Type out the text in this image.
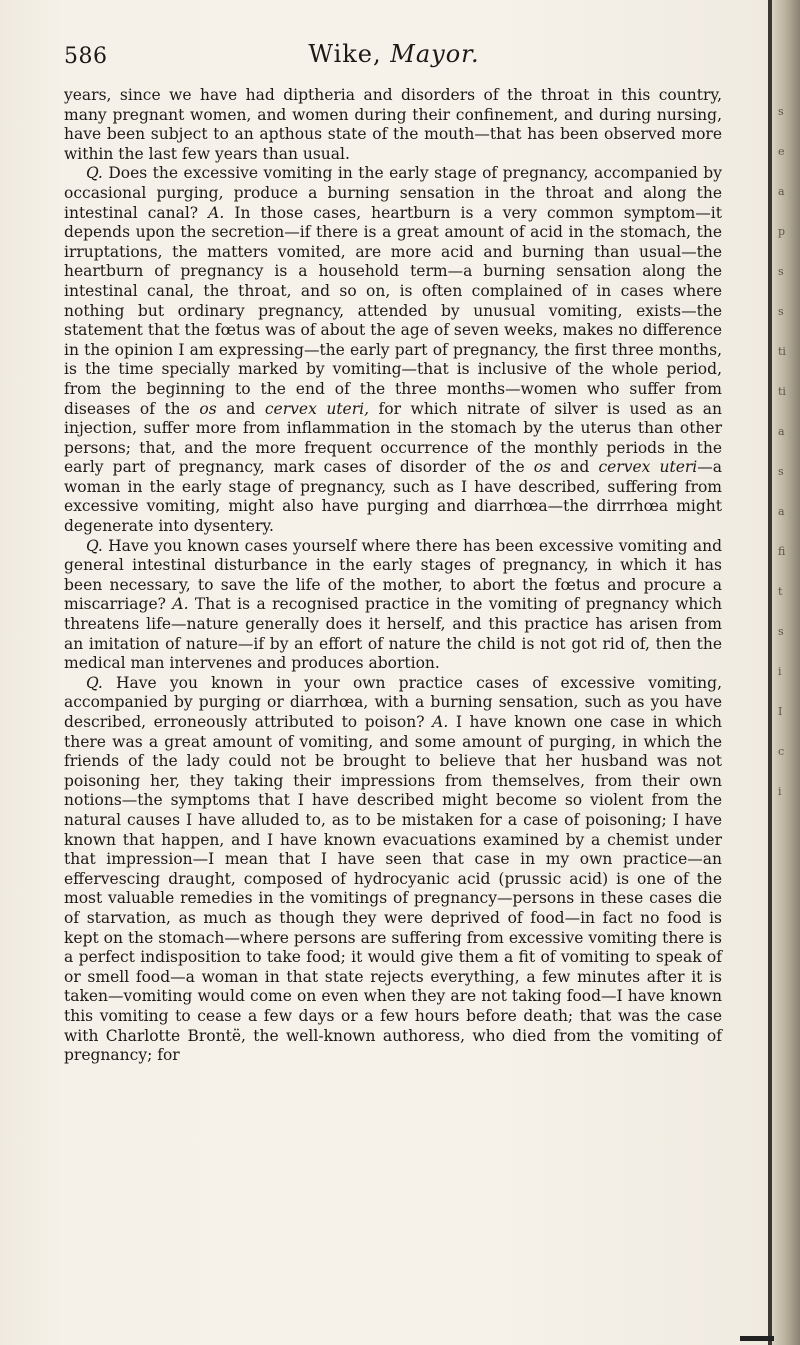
586	Wike, Mayor.

years, since we have had diptheria and disorders of the throat in this country, many pregnant women, and women during their confinement, and during nursing, have been subject to an apthous state of the mouth—that has been observed more within the last few years than usual.

Q. Does the excessive vomiting in the early stage of pregnancy, accompanied by occasional purging, produce a burning sensation in the throat and along the intestinal canal? A. In those cases, heartburn is a very common symptom—it depends upon the secretion—if there is a great amount of acid in the stomach, the irruptations, the matters vomited, are more acid and burning than usual—the heartburn of pregnancy is a household term—a burning sensation along the intestinal canal, the throat, and so on, is often complained of in cases where nothing but ordinary pregnancy, attended by unusual vomiting, exists—the statement that the fœtus was of about the age of seven weeks, makes no difference in the opinion I am expressing—the early part of pregnancy, the first three months, is the time specially marked by vomiting—that is inclusive of the whole period, from the beginning to the end of the three months—women who suffer from diseases of the os and cervex uteri, for which nitrate of silver is used as an injection, suffer more from inflammation in the stomach by the uterus than other persons; that, and the more frequent occurrence of the monthly periods in the early part of pregnancy, mark cases of disorder of the os and cervex uteri—a woman in the early stage of pregnancy, such as I have described, suffering from excessive vomiting, might also have purging and diarrhœa—the dirrrhœa might degenerate into dysentery.

Q. Have you known cases yourself where there has been excessive vomiting and general intestinal disturbance in the early stages of pregnancy, in which it has been necessary, to save the life of the mother, to abort the fœtus and procure a miscarriage? A. That is a recognised practice in the vomiting of pregnancy which threatens life—nature generally does it herself, and this practice has arisen from an imitation of nature—if by an effort of nature the child is not got rid of, then the medical man intervenes and produces abortion.

Q. Have you known in your own practice cases of excessive vomiting, accompanied by purging or diarrhœa, with a burning sensation, such as you have described, erroneously attributed to poison? A. I have known one case in which there was a great amount of vomiting, and some amount of purging, in which the friends of the lady could not be brought to believe that her husband was not poisoning her, they taking their impressions from themselves, from their own notions—the symptoms that I have described might become so violent from the natural causes I have alluded to, as to be mistaken for a case of poisoning; I have known that happen, and I have known evacuations examined by a chemist under that impression—I mean that I have seen that case in my own practice—an effervescing draught, composed of hydrocyanic acid (prussic acid) is one of the most valuable remedies in the vomitings of pregnancy—persons in these cases die of starvation, as much as though they were deprived of food—in fact no food is kept on the stomach—where persons are suffering from excessive vomiting there is a perfect indisposition to take food; it would give them a fit of vomiting to speak of or smell food—a woman in that state rejects everything, a few minutes after it is taken—vomiting would come on even when they are not taking food—I have known this vomiting to cease a few days or a few hours before death; that was the case with Charlotte Brontë, the well-known authoress, who died from the vomiting of pregnancy; for

s
e
a
p
s
s
ti
ti
a
s
a
fi
t
s
i
I
c
i
